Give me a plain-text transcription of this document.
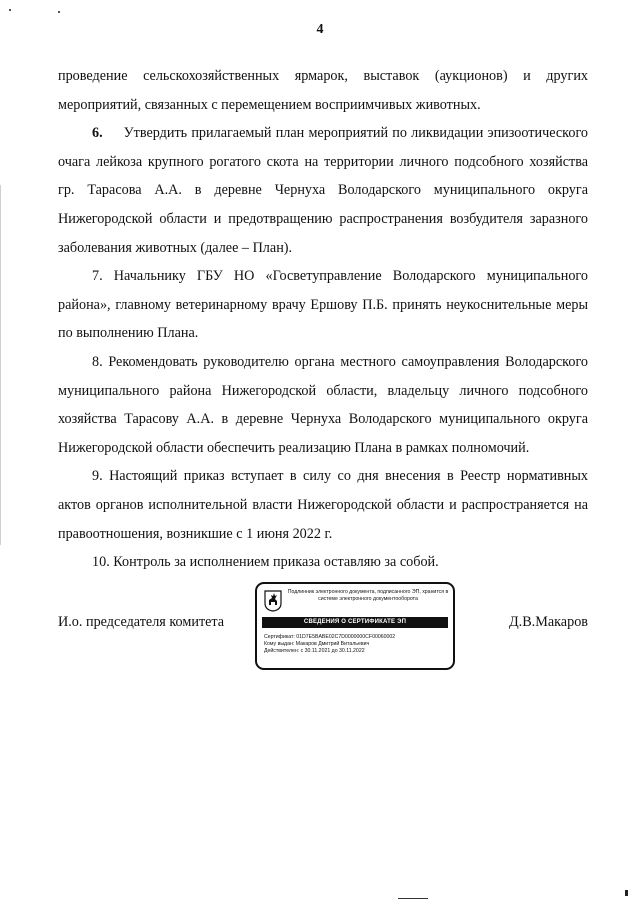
4

проведение сельскохозяйственных ярмарок, выставок (аукционов) и других мероприятий, связанных с перемещением восприимчивых животных.

6. Утвердить прилагаемый план мероприятий по ликвидации эпизоотического очага лейкоза крупного рогатого скота на территории личного подсобного хозяйства гр. Тарасова А.А. в деревне Чернуха Володарского муниципального округа Нижегородской области и предотвращению распространения возбудителя заразного заболевания животных (далее – План).

7. Начальнику ГБУ НО «Госветуправление Володарского муниципального района», главному ветеринарному врачу Ершову П.Б. принять неукоснительные меры по выполнению Плана.

8. Рекомендовать руководителю органа местного самоуправления Володарского муниципального района Нижегородской области, владельцу личного подсобного хозяйства Тарасову А.А. в деревне Чернуха Володарского муниципального округа Нижегородской области обеспечить реализацию Плана в рамках полномочий.

9. Настоящий приказ вступает в силу со дня внесения в Реестр нормативных актов органов исполнительной власти Нижегородской области и распространяется на правоотношения, возникшие с 1 июня 2022 г.

10. Контроль за исполнением приказа оставляю за собой.

И.о. председателя комитета
Подлинник электронного документа, подписанного ЭП, хранится в системе электронного документооборота
СВЕДЕНИЯ О СЕРТИФИКАТЕ ЭП
Сертификат: 01D7E5BABE02C7D0000000CF00060002
Кому выдан: Макаров Дмитрий Витальевич
Действителен: с 30.11.2021 до 30.11.2022
Д.В.Макаров
